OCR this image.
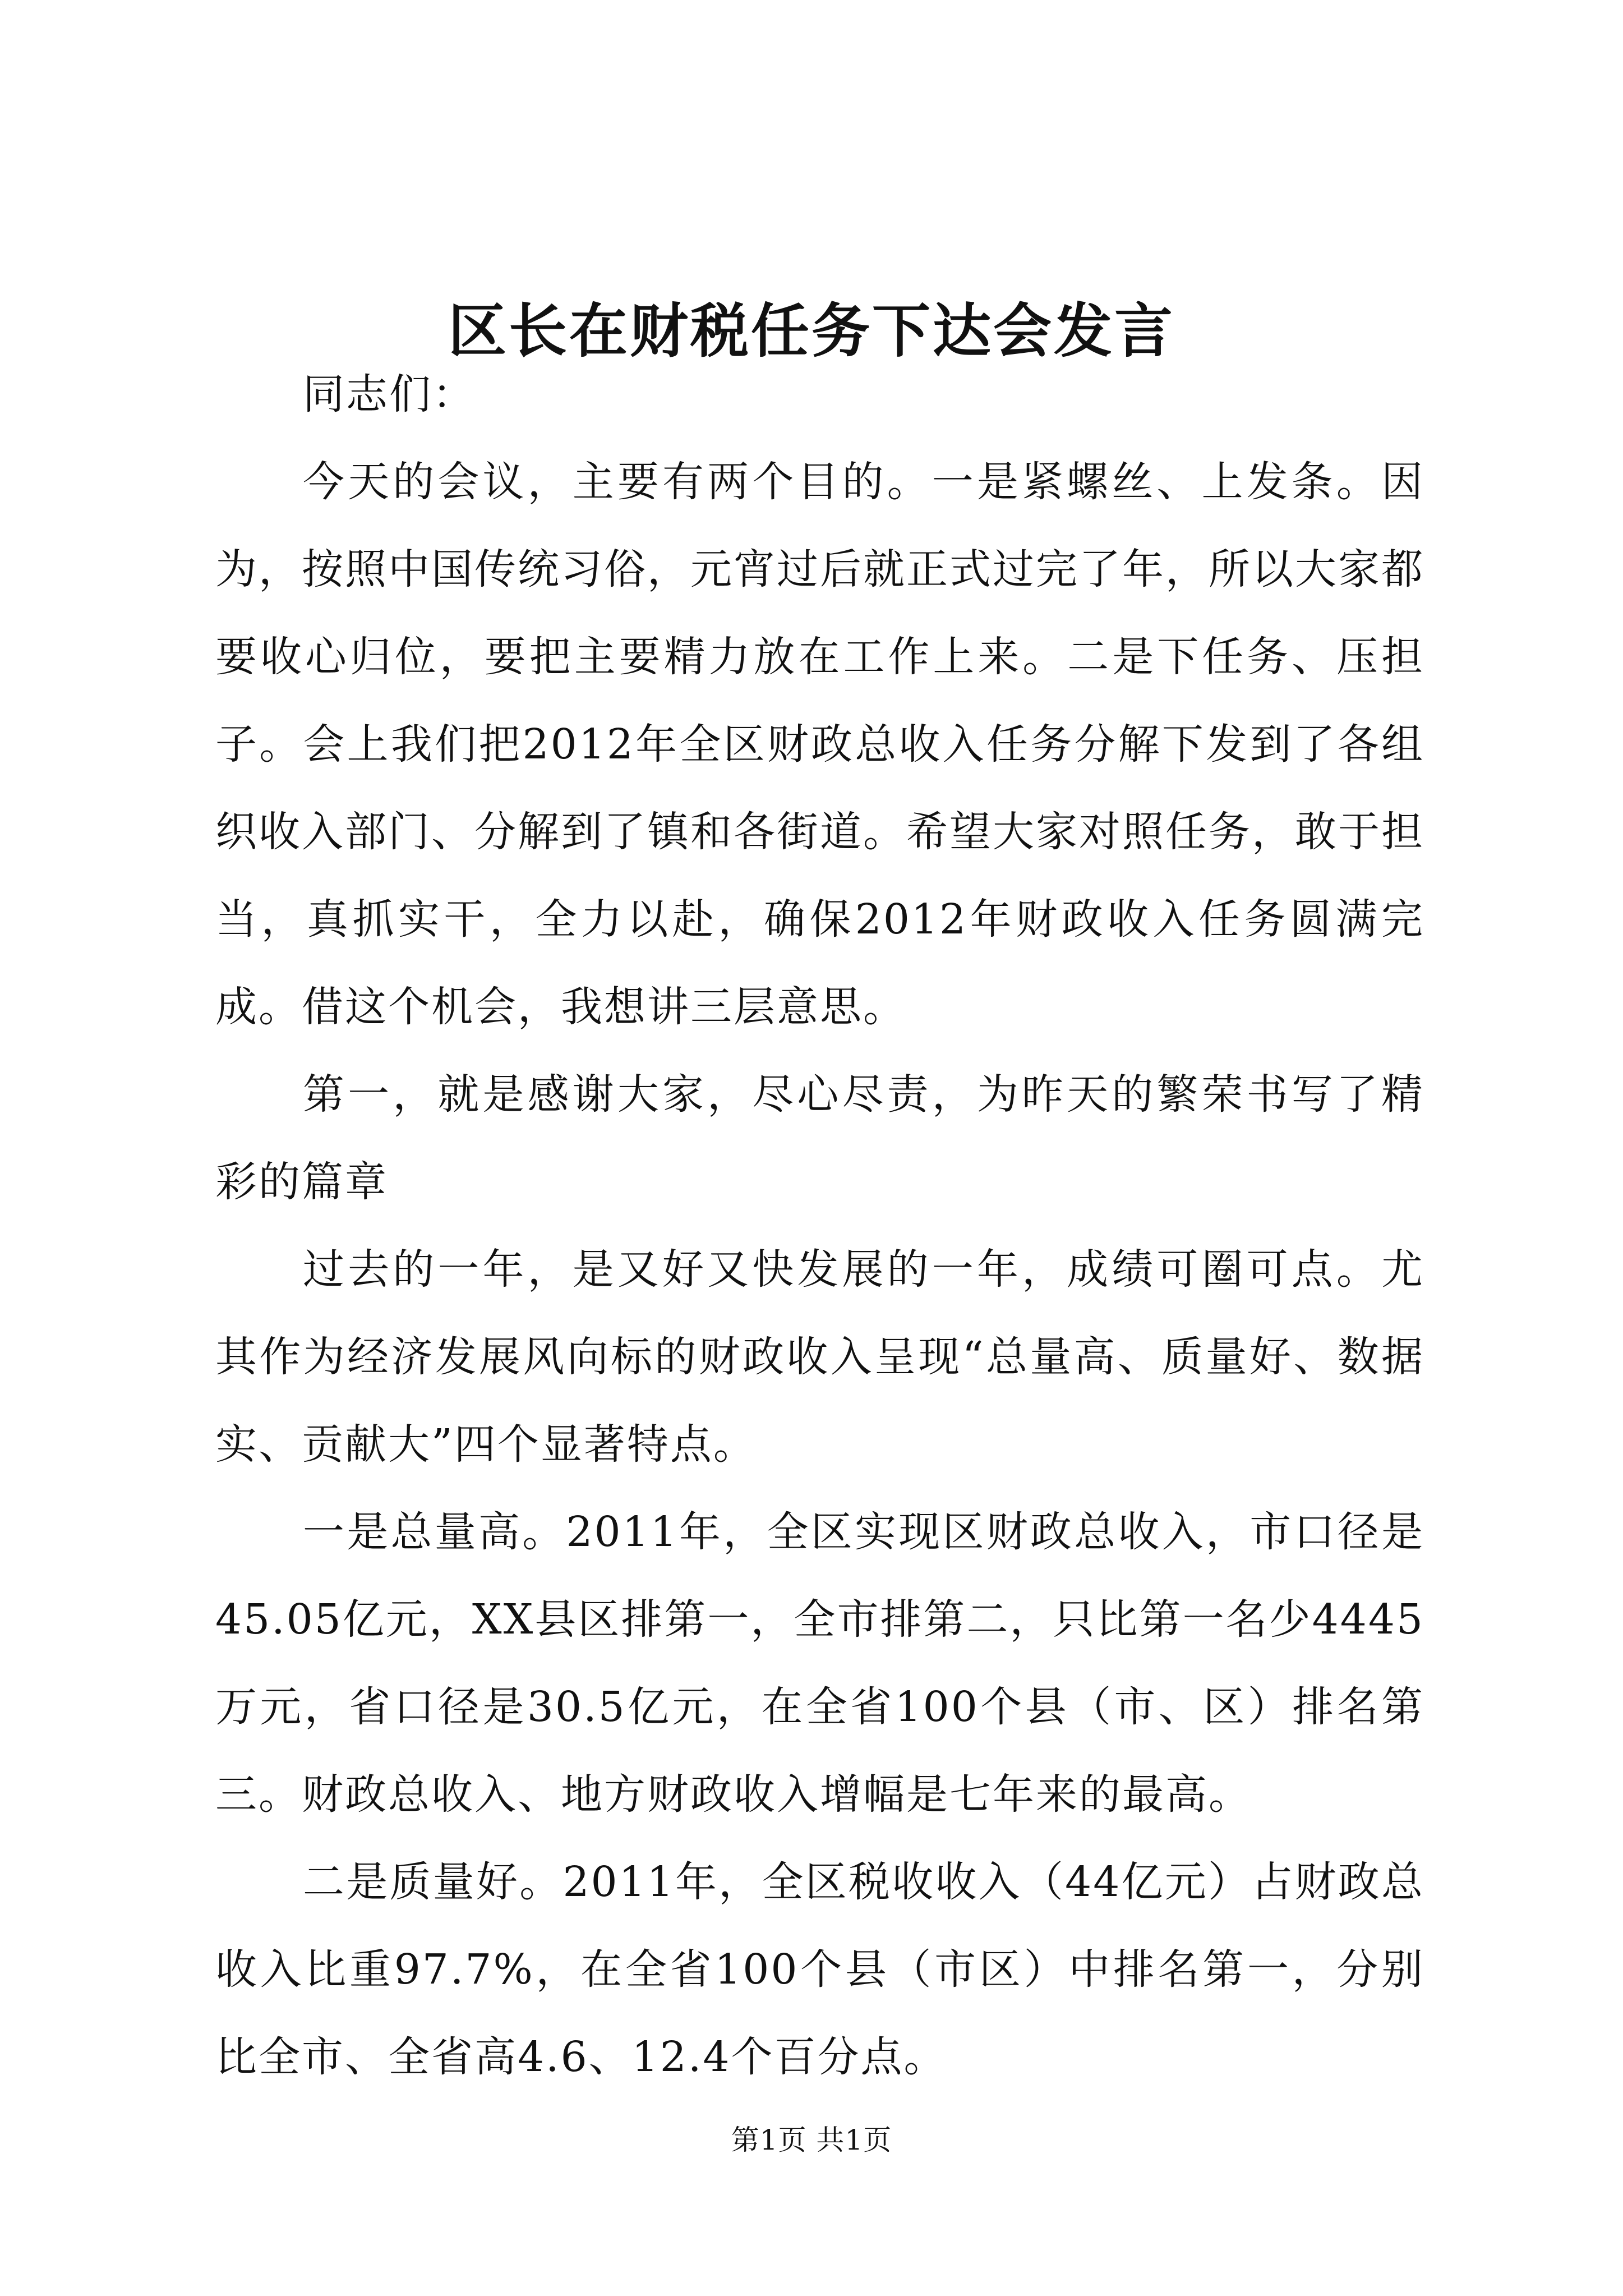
区长在财税任务下达会发言

同志们：

今天的会议，主要有两个目的。一是紧螺丝、上发条。因为，按照中国传统习俗，元宵过后就正式过完了年，所以大家都要收心归位，要把主要精力放在工作上来。二是下任务、压担子。会上我们把2012年全区财政总收入任务分解下发到了各组织收入部门、分解到了镇和各街道。希望大家对照任务，敢于担当，真抓实干，全力以赴，确保2012年财政收入任务圆满完成。借这个机会，我想讲三层意思。

第一，就是感谢大家，尽心尽责，为昨天的繁荣书写了精彩的篇章

过去的一年，是又好又快发展的一年，成绩可圈可点。尤其作为经济发展风向标的财政收入呈现“总量高、质量好、数据实、贡献大”四个显著特点。

一是总量高。2011年，全区实现区财政总收入，市口径是45.05亿元，XX县区排第一，全市排第二，只比第一名少4445万元，省口径是30.5亿元，在全省100个县（市、区）排名第三。财政总收入、地方财政收入增幅是七年来的最高。

二是质量好。2011年，全区税收收入（44亿元）占财政总收入比重97.7%，在全省100个县（市区）中排名第一，分别比全市、全省高4.6、12.4个百分点。

第1页 共1页
